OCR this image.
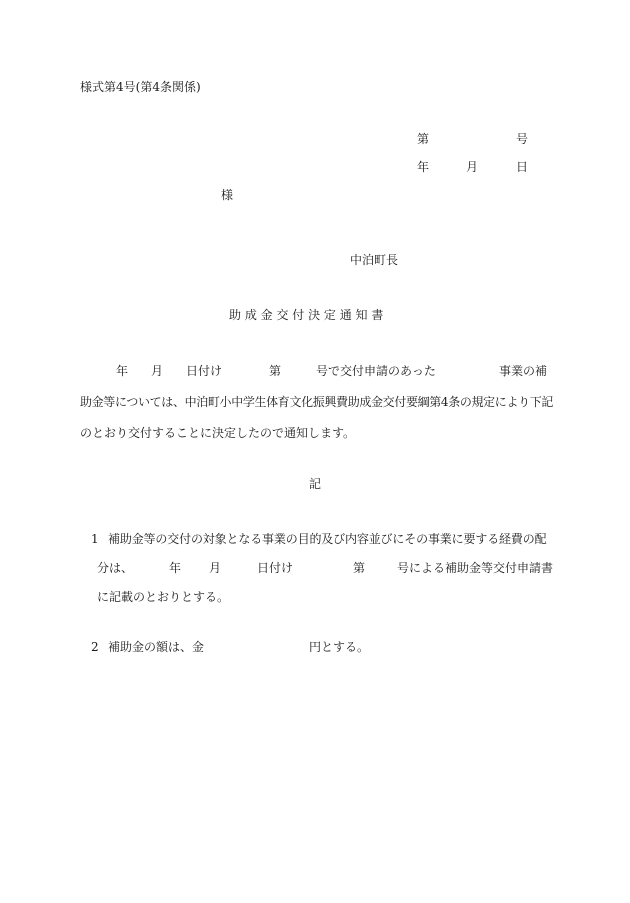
様式第4号(第4条関係)
第	号
年	月	日
様
中泊町長
助 成 金 交 付 決 定 通 知 書
年 月 日付け	第	号で交付申請のあった	事業の補
助金等については、中泊町小中学生体育文化振興費助成金交付要綱第4条の規定により下記
のとおり交付することに決定したので通知します。
記
1 補助金等の交付の対象となる事業の目的及び内容並びにその事業に要する経費の配
分は、	年 月	日付け	第	号による補助金等交付申請書
に記載のとおりとする。
2 補助金の額は、金	円とする。
